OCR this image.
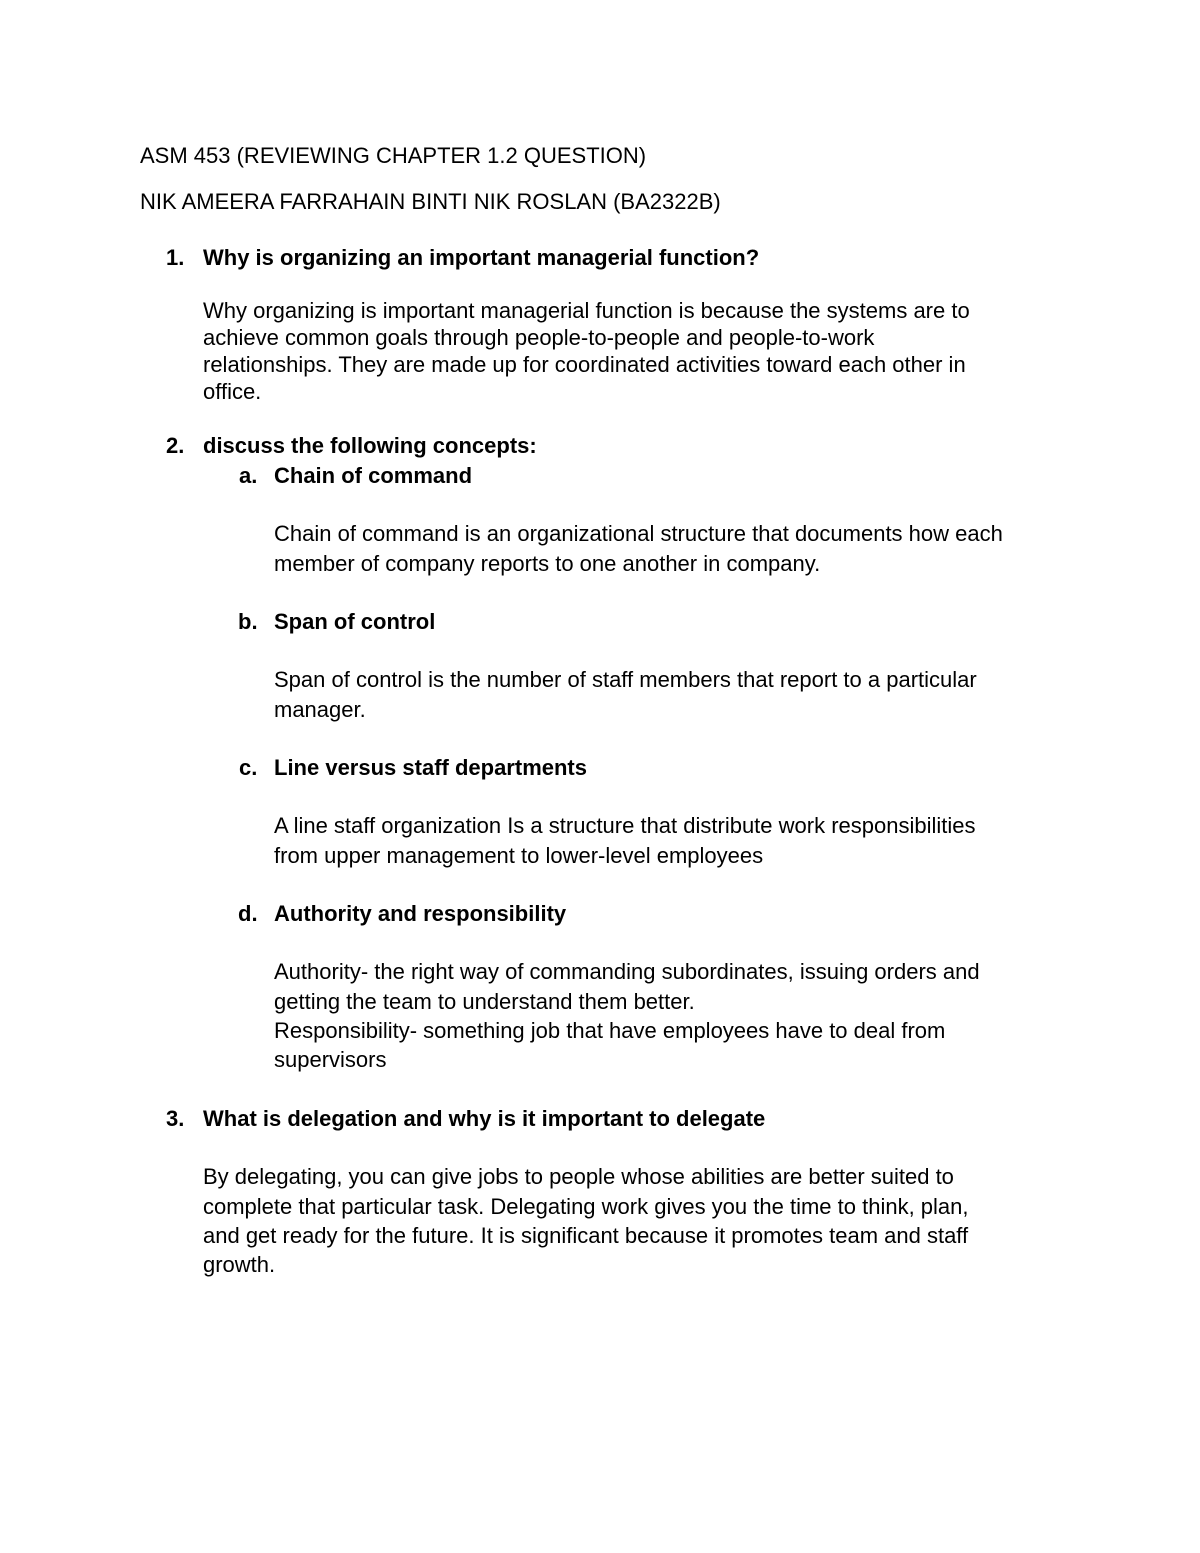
ASM 453 (REVIEWING CHAPTER 1.2 QUESTION)
NIK AMEERA FARRAHAIN BINTI NIK ROSLAN (BA2322B)
1. Why is organizing an important managerial function?
Why organizing is important managerial function is because the systems are to
achieve common goals through people-to-people and people-to-work
relationships. They are made up for coordinated activities toward each other in
office.
2. discuss the following concepts:
a. Chain of command
Chain of command is an organizational structure that documents how each
member of company reports to one another in company.
b. Span of control
Span of control is the number of staff members that report to a particular
manager.
c. Line versus staff departments
A line staff organization Is a structure that distribute work responsibilities
from upper management to lower-level employees
d. Authority and responsibility
Authority- the right way of commanding subordinates, issuing orders and
getting the team to understand them better.
Responsibility- something job that have employees have to deal from
supervisors
3. What is delegation and why is it important to delegate
By delegating, you can give jobs to people whose abilities are better suited to
complete that particular task. Delegating work gives you the time to think, plan,
and get ready for the future. It is significant because it promotes team and staff
growth.
